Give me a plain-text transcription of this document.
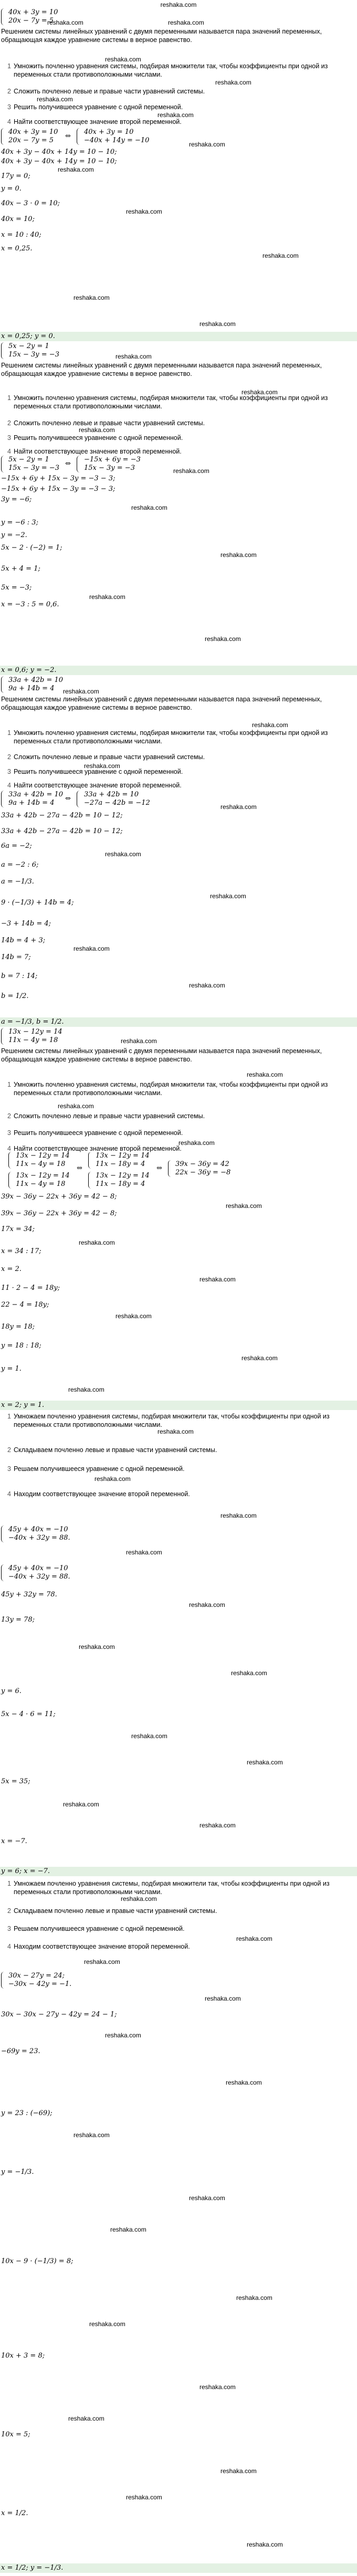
reshaka.com
40x + 3y = 10
20x − 7y = 5
Решением системы линейных уравнений с двумя переменными называется пара значений переменных, обращающая каждое уравнение системы в верное равенство.
1 Умножить почленно уравнения системы, подбирая множители так, чтобы коэффициенты при одной из переменных стали противоположными числами.
2 Сложить почленно левые и правые части уравнений системы.
3 Решить получившееся уравнение с одной переменной.
4 Найти соответствующее значение второй переменной.
40x + 3y = 10
20x − 7y = 5
⇔
40x + 3y = 10
−40x + 14y = −10
40x + 3y − 40x + 14y = 10 − 10;
40x + 3y − 40x + 14y = 10 − 10;
17y = 0;
y = 0.
40x − 3 · 0 = 10;
40x = 10;
x = 10 : 40;
x = 0,25.
x = 0,25; y = 0.
5x − 2y = 1
15x − 3y = −3
Решением системы линейных уравнений с двумя переменными называется пара значений переменных, обращающая каждое уравнение системы в верное равенство.
1 Умножить почленно уравнения системы, подбирая множители так, чтобы коэффициенты при одной из переменных стали противоположными числами.
2 Сложить почленно левые и правые части уравнений системы.
3 Решить получившееся уравнение с одной переменной.
4 Найти соответствующее значение второй переменной.
5x − 2y = 1
15x − 3y = −3
⇔
−15x + 6y = −3
15x − 3y = −3
−15x + 6y + 15x − 3y = −3 − 3;
−15x + 6y + 15x − 3y = −3 − 3;
3y = −6;
y = −6 : 3;
y = −2.
5x − 2 · (−2) = 1;
5x + 4 = 1;
5x = −3;
x = −3 : 5 = 0,6.
x = 0,6; y = −2.
33a + 42b = 10
9a + 14b = 4
Решением системы линейных уравнений с двумя переменными называется пара значений переменных, обращающая каждое уравнение системы в верное равенство.
1 Умножить почленно уравнения системы, подбирая множители так, чтобы коэффициенты при одной из переменных стали противоположными числами.
2 Сложить почленно левые и правые части уравнений системы.
3 Решить получившееся уравнение с одной переменной.
4 Найти соответствующее значение второй переменной.
33a + 42b = 10
9a + 14b = 4
⇔
33a + 42b = 10
−27a − 42b = −12
33a + 42b − 27a − 42b = 10 − 12;
33a + 42b − 27a − 42b = 10 − 12;
6a = −2;
a = −2 : 6;
a = −1/3.
9 · (−1/3) + 14b = 4;
−3 + 14b = 4;
14b = 4 + 3;
14b = 7;
b = 7 : 14;
b = 1/2.
a = −1/3, b = 1/2.
13x − 12y = 14
11x − 4y = 18
Решением системы линейных уравнений с двумя переменными называется пара значений переменных, обращающая каждое уравнение системы в верное равенство.
1 Умножить почленно уравнения системы, подбирая множители так, чтобы коэффициенты при одной из переменных стали противоположными числами.
2 Сложить почленно левые и правые части уравнений системы.
3 Решить получившееся уравнение с одной переменной.
4 Найти соответствующее значение второй переменной.
13x − 12y = 14
11x − 4y = 18
⇔
13x − 12y = 14
11x − 18y = 4
13x − 12y = 14
11x − 4y = 18
13x − 12y = 14
11x − 18y = 4
⇔
39x − 36y = 42
22x − 36y = −8
39x − 36y − 22x + 36y = 42 − 8;
39x − 36y − 22x + 36y = 42 − 8;
17x = 34;
x = 34 : 17;
x = 2.
11 · 2 − 4 = 18y;
22 − 4 = 18y;
18y = 18;
y = 18 : 18;
y = 1.
x = 2; y = 1.
1 Умножаем почленно уравнения системы, подбирая множители так, чтобы коэффициенты при одной из переменных стали противоположными числами.
2 Складываем почленно левые и правые части уравнений системы.
3 Решаем получившееся уравнение с одной переменной.
4 Находим соответствующее значение второй переменной.
45y + 40x = −10
−40x + 32y = 88.
45y + 40x = −10
−40x + 32y = 88.
45y + 32y = 78.
13y = 78;
y = 6.
5x − 4 · 6 = 11;
5x = 35;
x = −7.
y = 6; x = −7.
1 Умножаем почленно уравнения системы, подбирая множители так, чтобы коэффициенты при одной из переменных стали противоположными числами.
2 Складываем почленно левые и правые части уравнений системы.
3 Решаем получившееся уравнение с одной переменной.
4 Находим соответствующее значение второй переменной.
30x − 27y = 24;
−30x − 42y = −1.
30x − 30x − 27y − 42y = 24 − 1;
−69y = 23.
y = 23 : (−69);
y = −1/3.
10x − 9 · (−1/3) = 8;
10x + 3 = 8;
10x = 5;
x = 1/2.
x = 1/2; y = −1/3.
reshaka.com	reshaka.com
reshaka.com
reshaka.com
reshaka.com
reshaka.com
reshaka.com
reshaka.com
reshaka.com
reshaka.com
reshaka.com
reshaka.com
reshaka.com
reshaka.com
reshaka.com
reshaka.com
reshaka.com
reshaka.com
reshaka.com
reshaka.com
reshaka.com
reshaka.com
reshaka.com
reshaka.com
reshaka.com
reshaka.com
reshaka.com
reshaka.com
reshaka.com
reshaka.com
reshaka.com
reshaka.com
reshaka.com
reshaka.com
reshaka.com
reshaka.com
reshaka.com
reshaka.com
reshaka.com
reshaka.com
reshaka.com
reshaka.com
reshaka.com
reshaka.com
reshaka.com
reshaka.com
reshaka.com
reshaka.com
reshaka.com
reshaka.com
reshaka.com
reshaka.com
reshaka.com
reshaka.com
reshaka.com
reshaka.com
reshaka.com
reshaka.com
reshaka.com
reshaka.com
reshaka.com
reshaka.com
reshaka.com
reshaka.com
reshaka.com
